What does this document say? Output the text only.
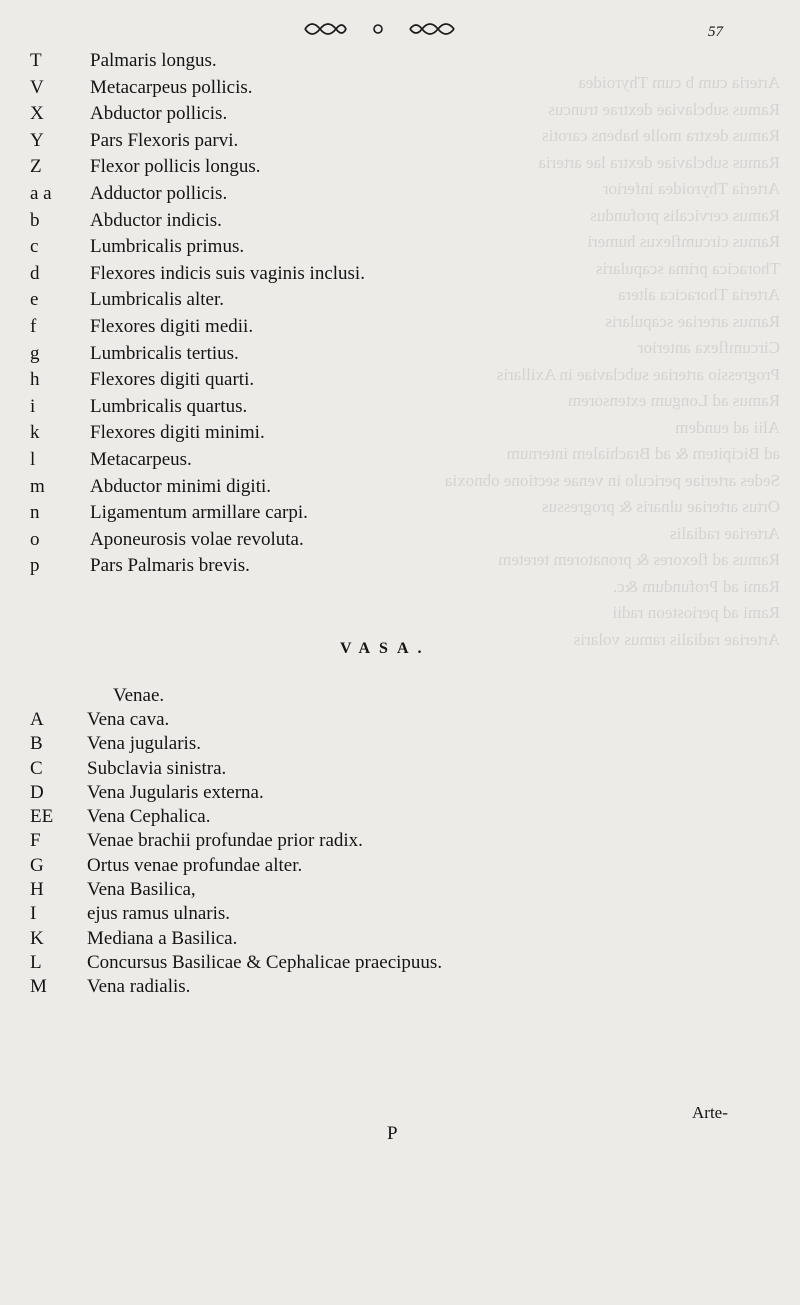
Arteria cum b cum Thyroidea
Ramus subclaviae dextrae truncus
Ramus dextra molle habens carotis
Ramus subclaviae dextra lae arteria
Arteria Thyroidea inferior
Ramus cervicalis profundus
Ramus circumflexus humeri
Thoracica prima scapularis
Arteria Thoracica altera
Ramus arteriae scapularis
Circumflexa anterior
Progressio arteriae subclaviae in Axillaris
Ramus ad Longum extensorem
Alii ad eundem
ad Bicipitem & ad Brachialem internum
Sedes arteriae periculo in venae sectione obnoxia
Ortus arteriae ulnaris & progressus
Arteriae radialis
Ramus ad flexores & pronatorem teretem
Rami ad Profundum &c.
Rami ad periosteon radii
Arteriae radialis ramus volaris
57
T	Palmaris longus.
V Metacarpeus pollicis.
X Abductor pollicis.
Y Pars Flexoris parvi.
Z	Flexor pollicis longus.
a a Adductor pollicis.
b	Abductor indicis.
c	Lumbricalis primus.
d	Flexores indicis suis vaginis inclusi.
e	Lumbricalis alter.
f	Flexores digiti medii.
g	Lumbricalis tertius.
h	Flexores digiti quarti.
i	Lumbricalis quartus.
k	Flexores digiti minimi.
l	Metacarpeus.
m Abductor minimi digiti.
n	Ligamentum armillare carpi.
o	Aponeurosis volae revoluta.
p	Pars Palmaris brevis.
VASA.
Venae.
A Vena cava.
B Vena jugularis.
C Subclavia sinistra.
D Vena Jugularis externa.
EE Vena Cephalica.
F Venae brachii profundae prior radix.
G Ortus venae profundae alter.
H Vena Basilica,
I	ejus ramus ulnaris.
K Mediana a Basilica.
L Concursus Basilicae & Cephalicae praecipuus.
M Vena radialis.
Arte-
P
